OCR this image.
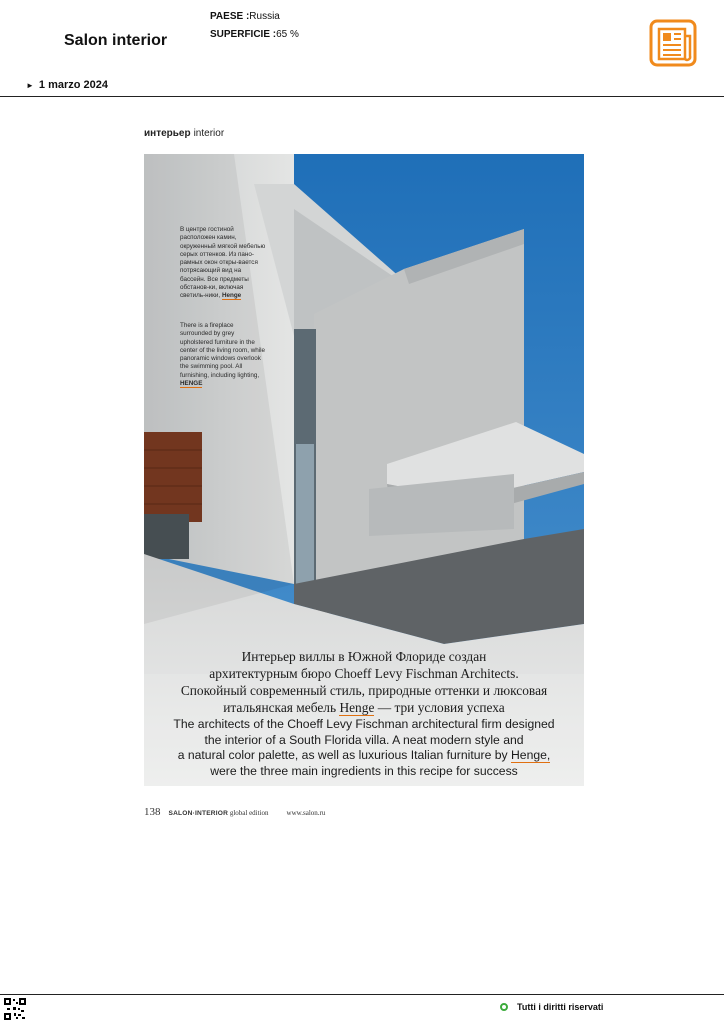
Salon interior
PAESE :Russia
SUPERFICIE :65 %
► 1 marzo 2024
интерьер interior
В центре гостиной расположен камин, окруженный мягкой мебелью серых оттенков. Из пано-рамных окон откры-вается потрясающий вид на бассейн. Все предметы обстанов-ки, включая светиль-ники, Henge
There is a fireplace surrounded by grey upholstered furniture in the center of the living room, while panoramic windows overlook the swimming pool. All furnishing, including lighting, HENGE
Интерьер виллы в Южной Флориде создан
архитектурным бюро Choeff Levy Fischman Architects.
Спокойный современный стиль, природные оттенки и люксовая
итальянская мебель Henge — три условия успеха
The architects of the Choeff Levy Fischman architectural firm designed
the interior of a South Florida villa. A neat modern style and
a natural color palette, as well as luxurious Italian furniture by Henge,
were the three main ingredients in this recipe for success
138 SALON·INTERIOR global edition	www.salon.ru
Tutti i diritti riservati
